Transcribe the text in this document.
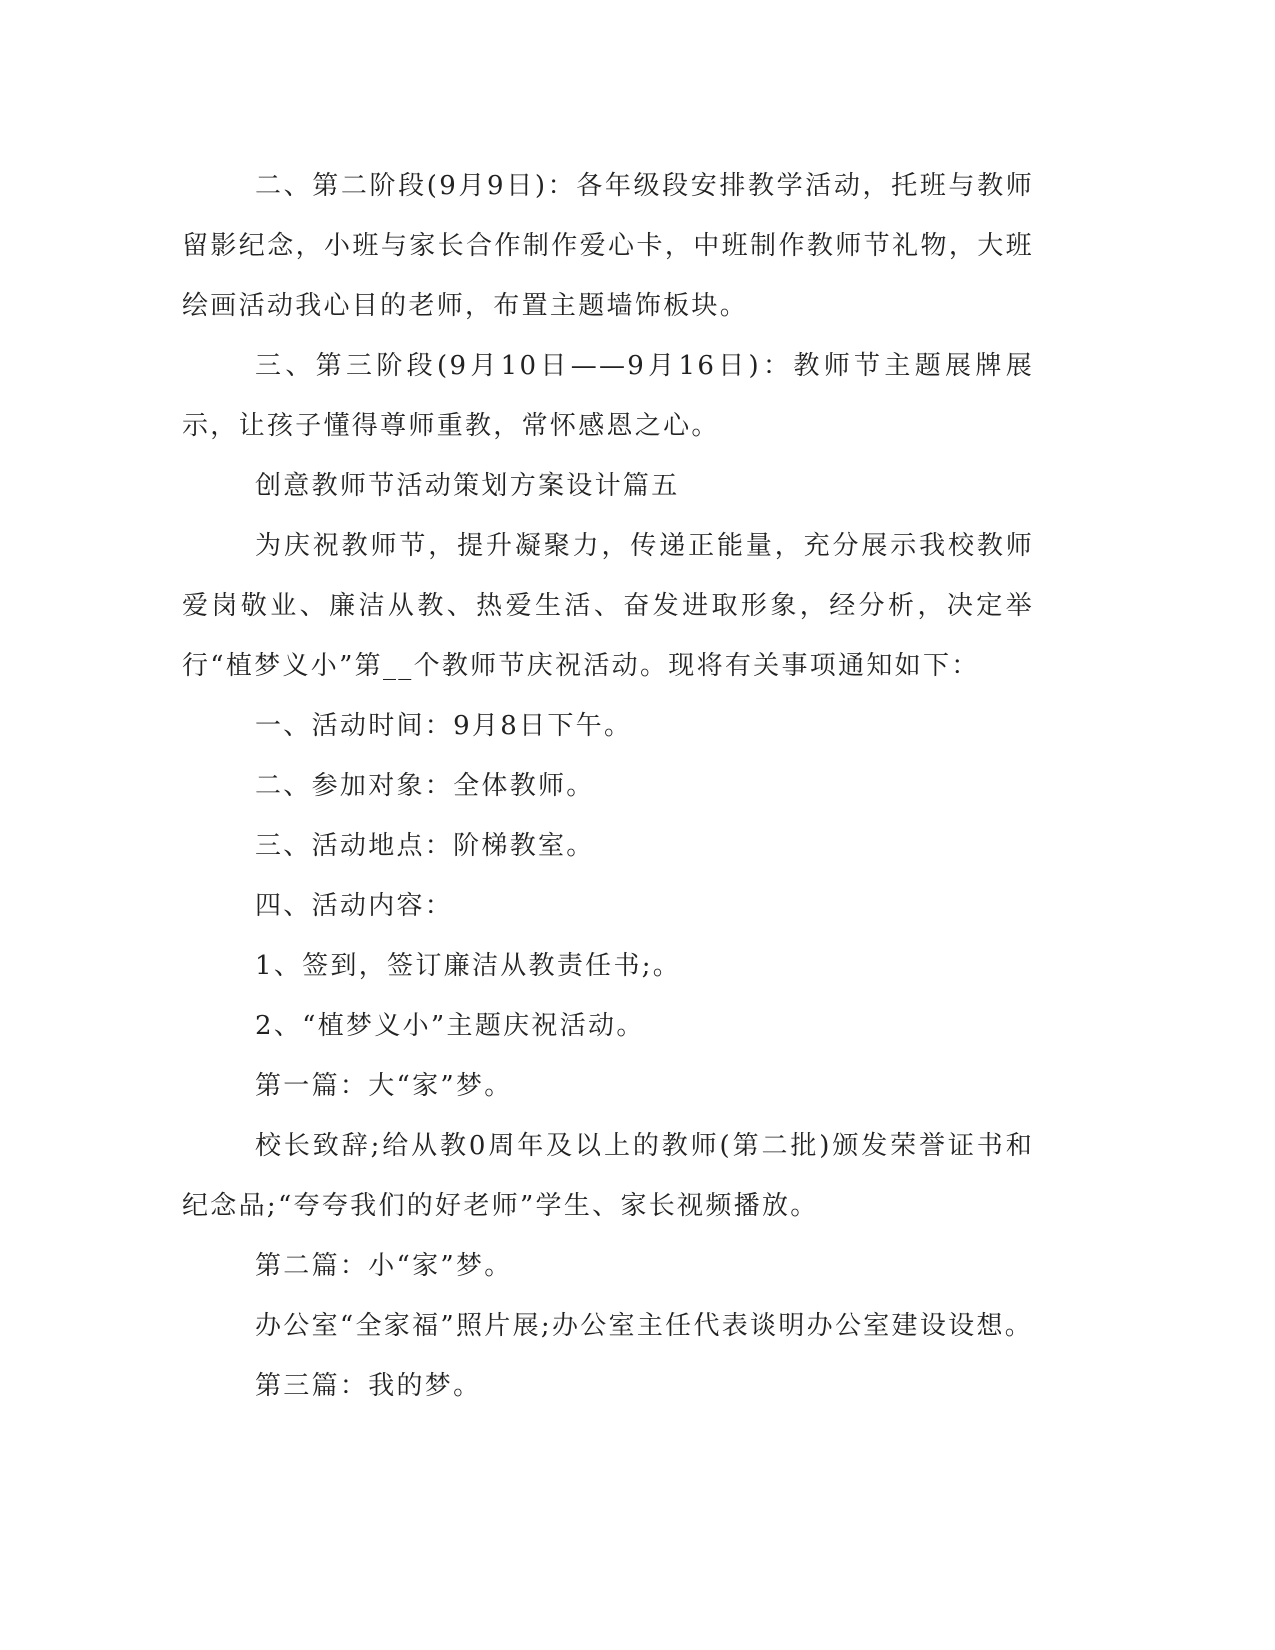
二、第二阶段(9月9日)：各年级段安排教学活动，托班与教师留影纪念，小班与家长合作制作爱心卡，中班制作教师节礼物，大班绘画活动我心目的老师，布置主题墙饰板块。

三、第三阶段(9月10日——9月16日)：教师节主题展牌展示，让孩子懂得尊师重教，常怀感恩之心。

创意教师节活动策划方案设计篇五

为庆祝教师节，提升凝聚力，传递正能量，充分展示我校教师爱岗敬业、廉洁从教、热爱生活、奋发进取形象，经分析，决定举行“植梦义小”第__个教师节庆祝活动。现将有关事项通知如下：

一、活动时间：9月8日下午。

二、参加对象：全体教师。

三、活动地点：阶梯教室。

四、活动内容：

1、签到，签订廉洁从教责任书;。

2、“植梦义小”主题庆祝活动。

第一篇：大“家”梦。

校长致辞;给从教0周年及以上的教师(第二批)颁发荣誉证书和纪念品;“夸夸我们的好老师”学生、家长视频播放。

第二篇：小“家”梦。

办公室“全家福”照片展;办公室主任代表谈明办公室建设设想。

第三篇：我的梦。
